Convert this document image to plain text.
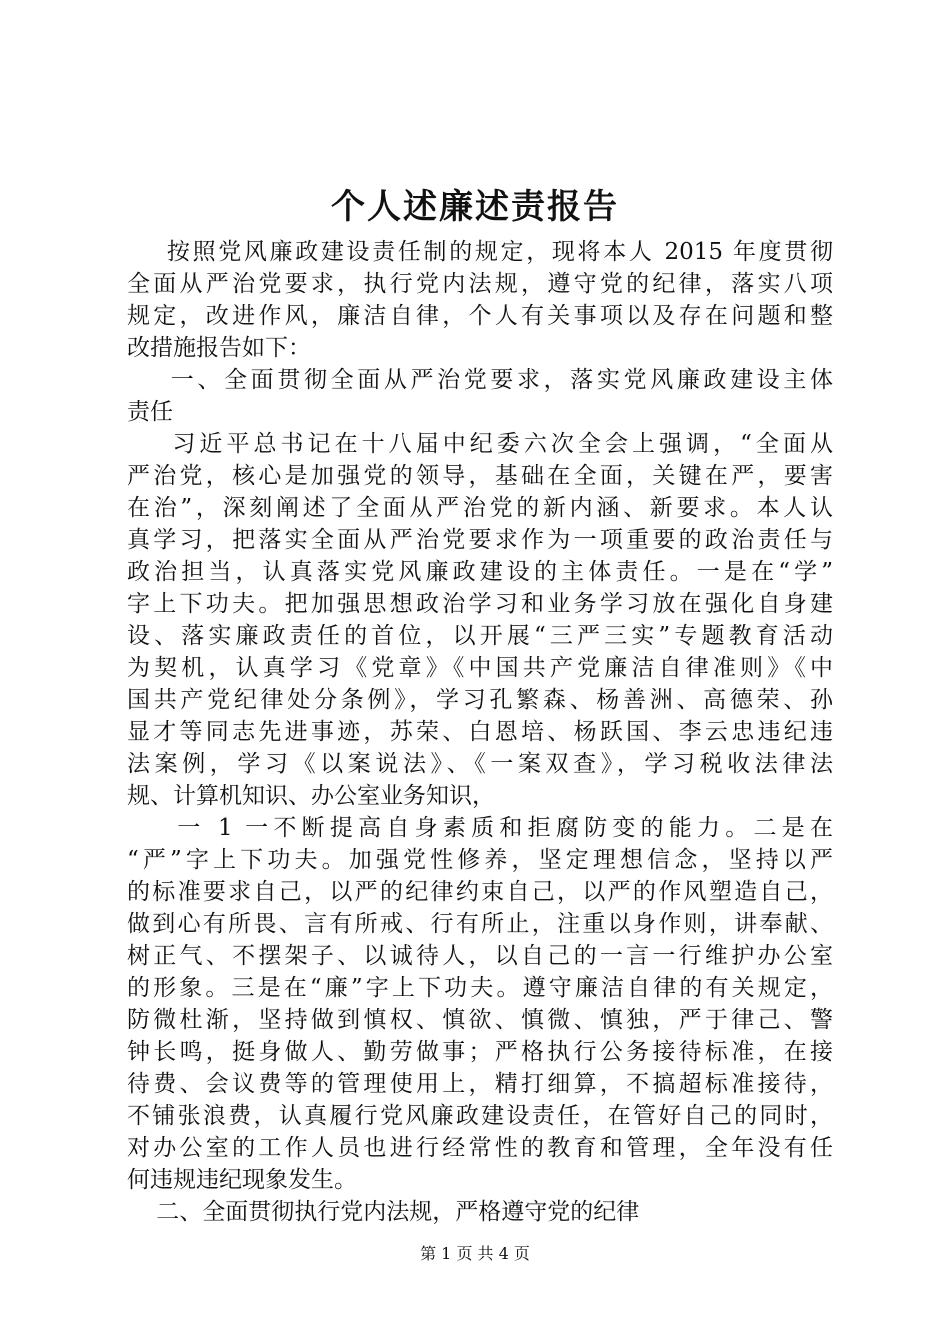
个人述廉述责报告
按照党风廉政建设责任制的规定，现将本人 2015 年度贯彻
全面从严治党要求，执行党内法规，遵守党的纪律，落实八项
规定，改进作风，廉洁自律，个人有关事项以及存在问题和整
改措施报告如下：
一、全面贯彻全面从严治党要求，落实党风廉政建设主体
责任
习近平总书记在十八届中纪委六次全会上强调，“全面从
严治党，核心是加强党的领导，基础在全面，关键在严，要害
在治”，深刻阐述了全面从严治党的新内涵、新要求。本人认
真学习，把落实全面从严治党要求作为一项重要的政治责任与
政治担当，认真落实党风廉政建设的主体责任。一是在“学”
字上下功夫。把加强思想政治学习和业务学习放在强化自身建
设、落实廉政责任的首位，以开展“三严三实”专题教育活动
为契机，认真学习《党章》《中国共产党廉洁自律准则》《中
国共产党纪律处分条例》，学习孔繁森、杨善洲、高德荣、孙
显才等同志先进事迹，苏荣、白恩培、杨跃国、李云忠违纪违
法案例，学习《以案说法》、《一案双查》，学习税收法律法
规、计算机知识、办公室业务知识，
一 1 一不断提高自身素质和拒腐防变的能力。二是在
“严”字上下功夫。加强党性修养，坚定理想信念，坚持以严
的标准要求自己，以严的纪律约束自己，以严的作风塑造自己，
做到心有所畏、言有所戒、行有所止，注重以身作则，讲奉献、
树正气、不摆架子、以诚待人，以自己的一言一行维护办公室
的形象。三是在“廉”字上下功夫。遵守廉洁自律的有关规定，
防微杜渐，坚持做到慎权、慎欲、慎微、慎独，严于律己、警
钟长鸣，挺身做人、勤劳做事；严格执行公务接待标准，在接
待费、会议费等的管理使用上，精打细算，不搞超标准接待，
不铺张浪费，认真履行党风廉政建设责任，在管好自己的同时，
对办公室的工作人员也进行经常性的教育和管理，全年没有任
何违规违纪现象发生。
二、全面贯彻执行党内法规，严格遵守党的纪律
第 1 页 共 4 页
